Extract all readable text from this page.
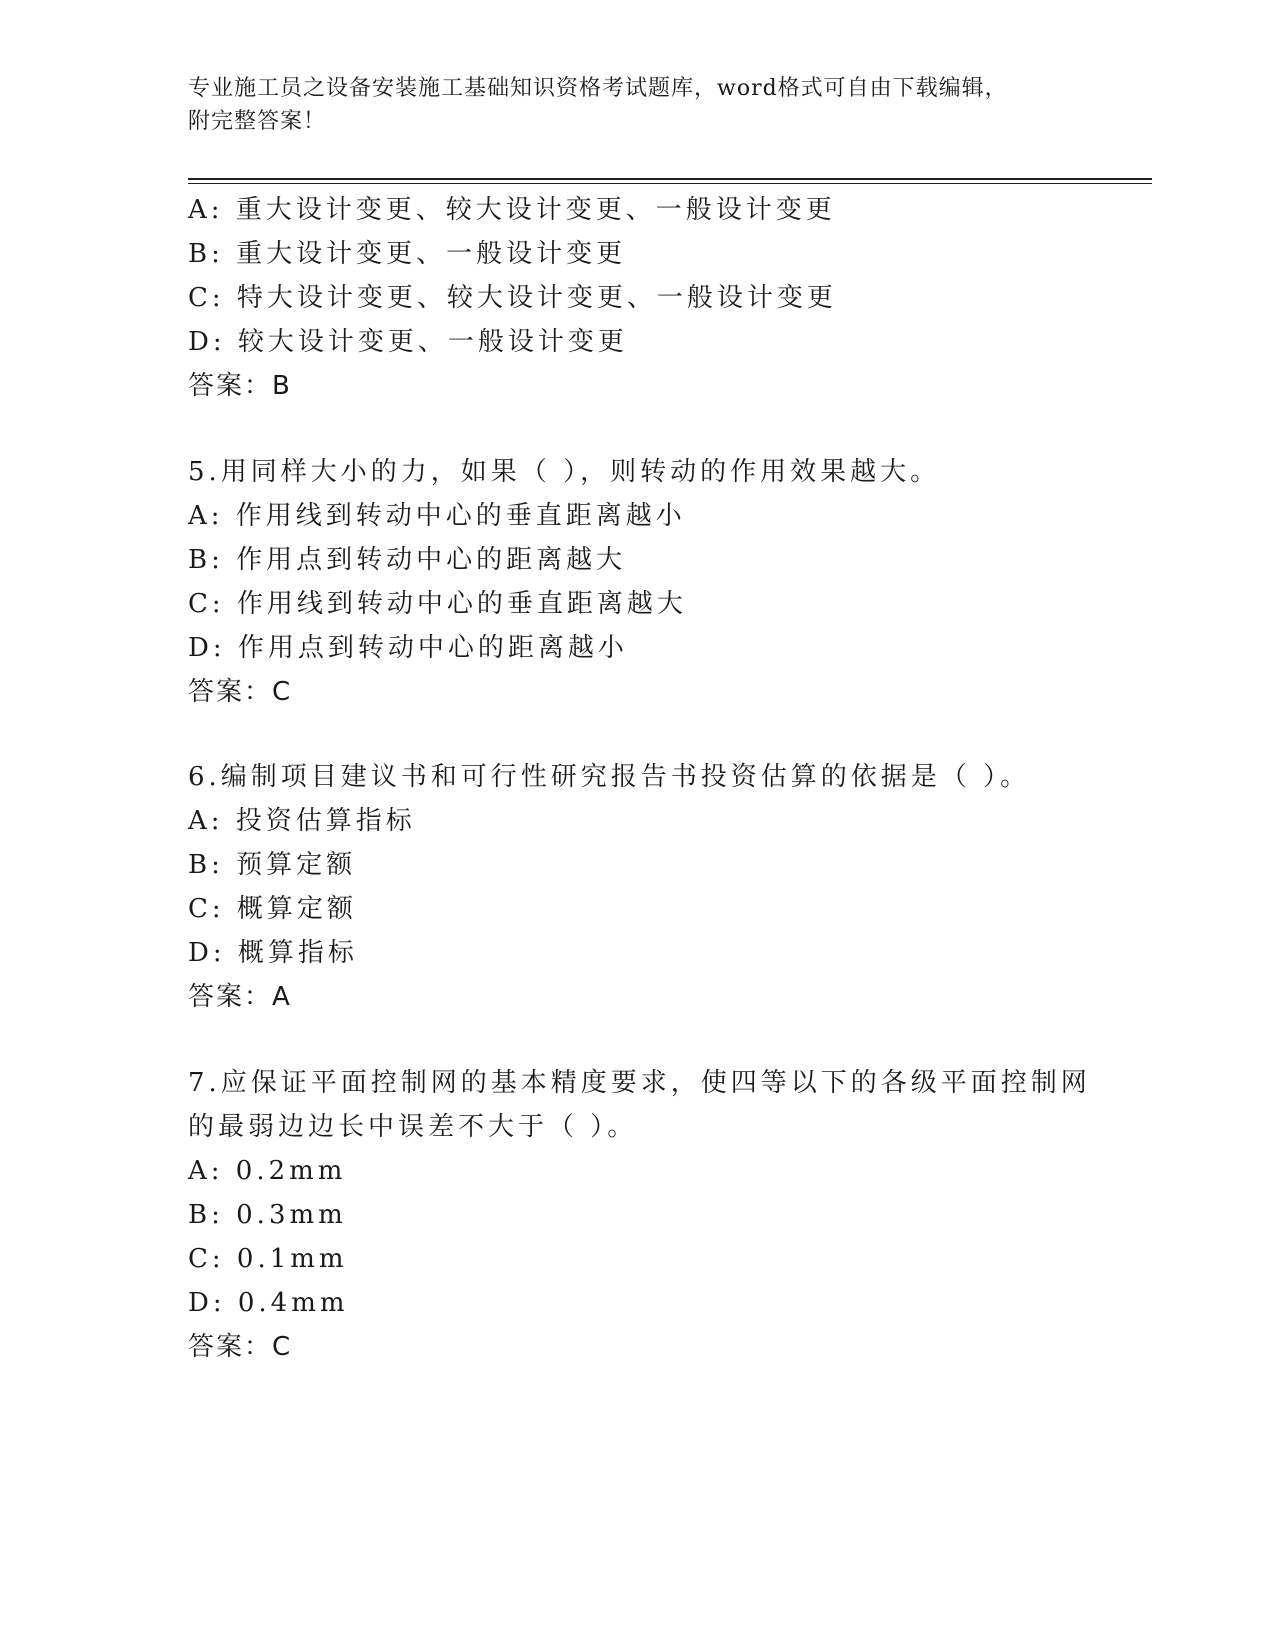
专业施工员之设备安装施工基础知识资格考试题库，word格式可自由下载编辑，
附完整答案！
A: 重大设计变更、较大设计变更、一般设计变更
B: 重大设计变更、一般设计变更
C: 特大设计变更、较大设计变更、一般设计变更
D: 较大设计变更、一般设计变更
答案：B
5.用同样大小的力，如果（ ），则转动的作用效果越大。
A: 作用线到转动中心的垂直距离越小
B: 作用点到转动中心的距离越大
C: 作用线到转动中心的垂直距离越大
D: 作用点到转动中心的距离越小
答案：C
6.编制项目建议书和可行性研究报告书投资估算的依据是（ ）。
A: 投资估算指标
B: 预算定额
C: 概算定额
D: 概算指标
答案：A
7.应保证平面控制网的基本精度要求，使四等以下的各级平面控制网
的最弱边边长中误差不大于（ ）。
A: 0.2mm
B: 0.3mm
C: 0.1mm
D: 0.4mm
答案：C
